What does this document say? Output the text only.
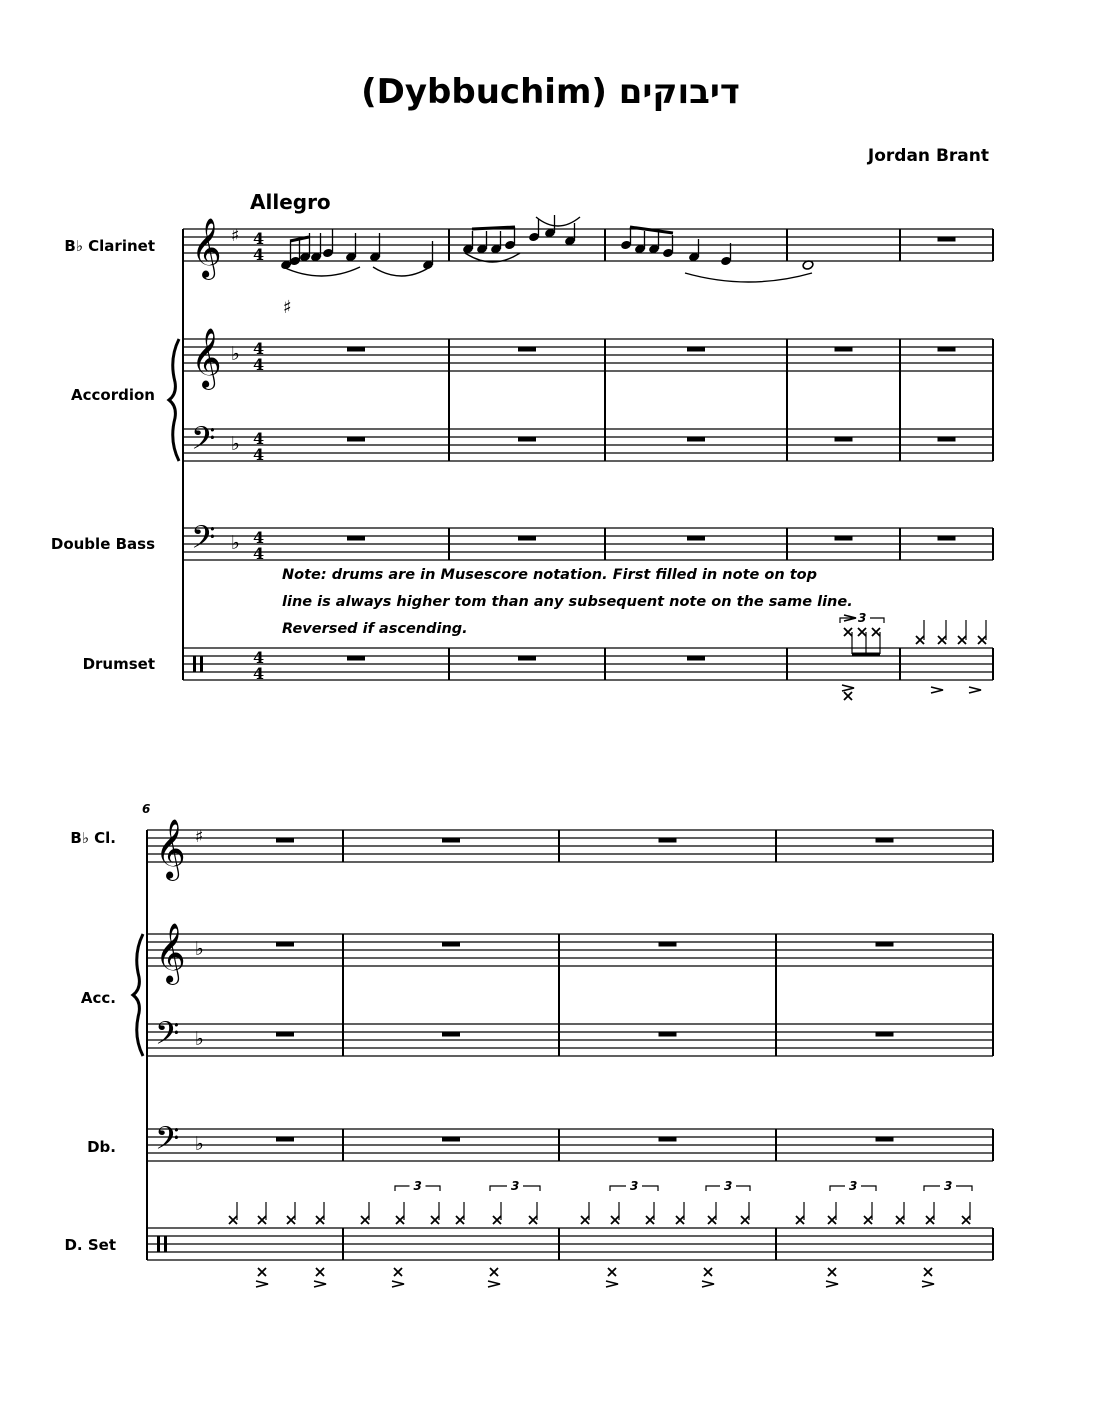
(Dybbuchim) דיבוקים
Jordan Brant
Allegro
B♭ Clarinet
Accordion
Double Bass
Drumset
B♭ Cl.
Acc.
Db.
D. Set
6
Note: drums are in Musescore notation. First filled in note on top
line is always higher tom than any subsequent note on the same line.
Reversed if ascending.
𝄞 ♯ 4
4
𝄞 ♭ 4
4
𝄢 ♭ 4
4
𝄢 ♭ 4
4
4
4
𝄞 ♯
𝄞 ♭
𝄢 ♭
𝄢 ♭
♯
3
3	3	3	3	3	3
